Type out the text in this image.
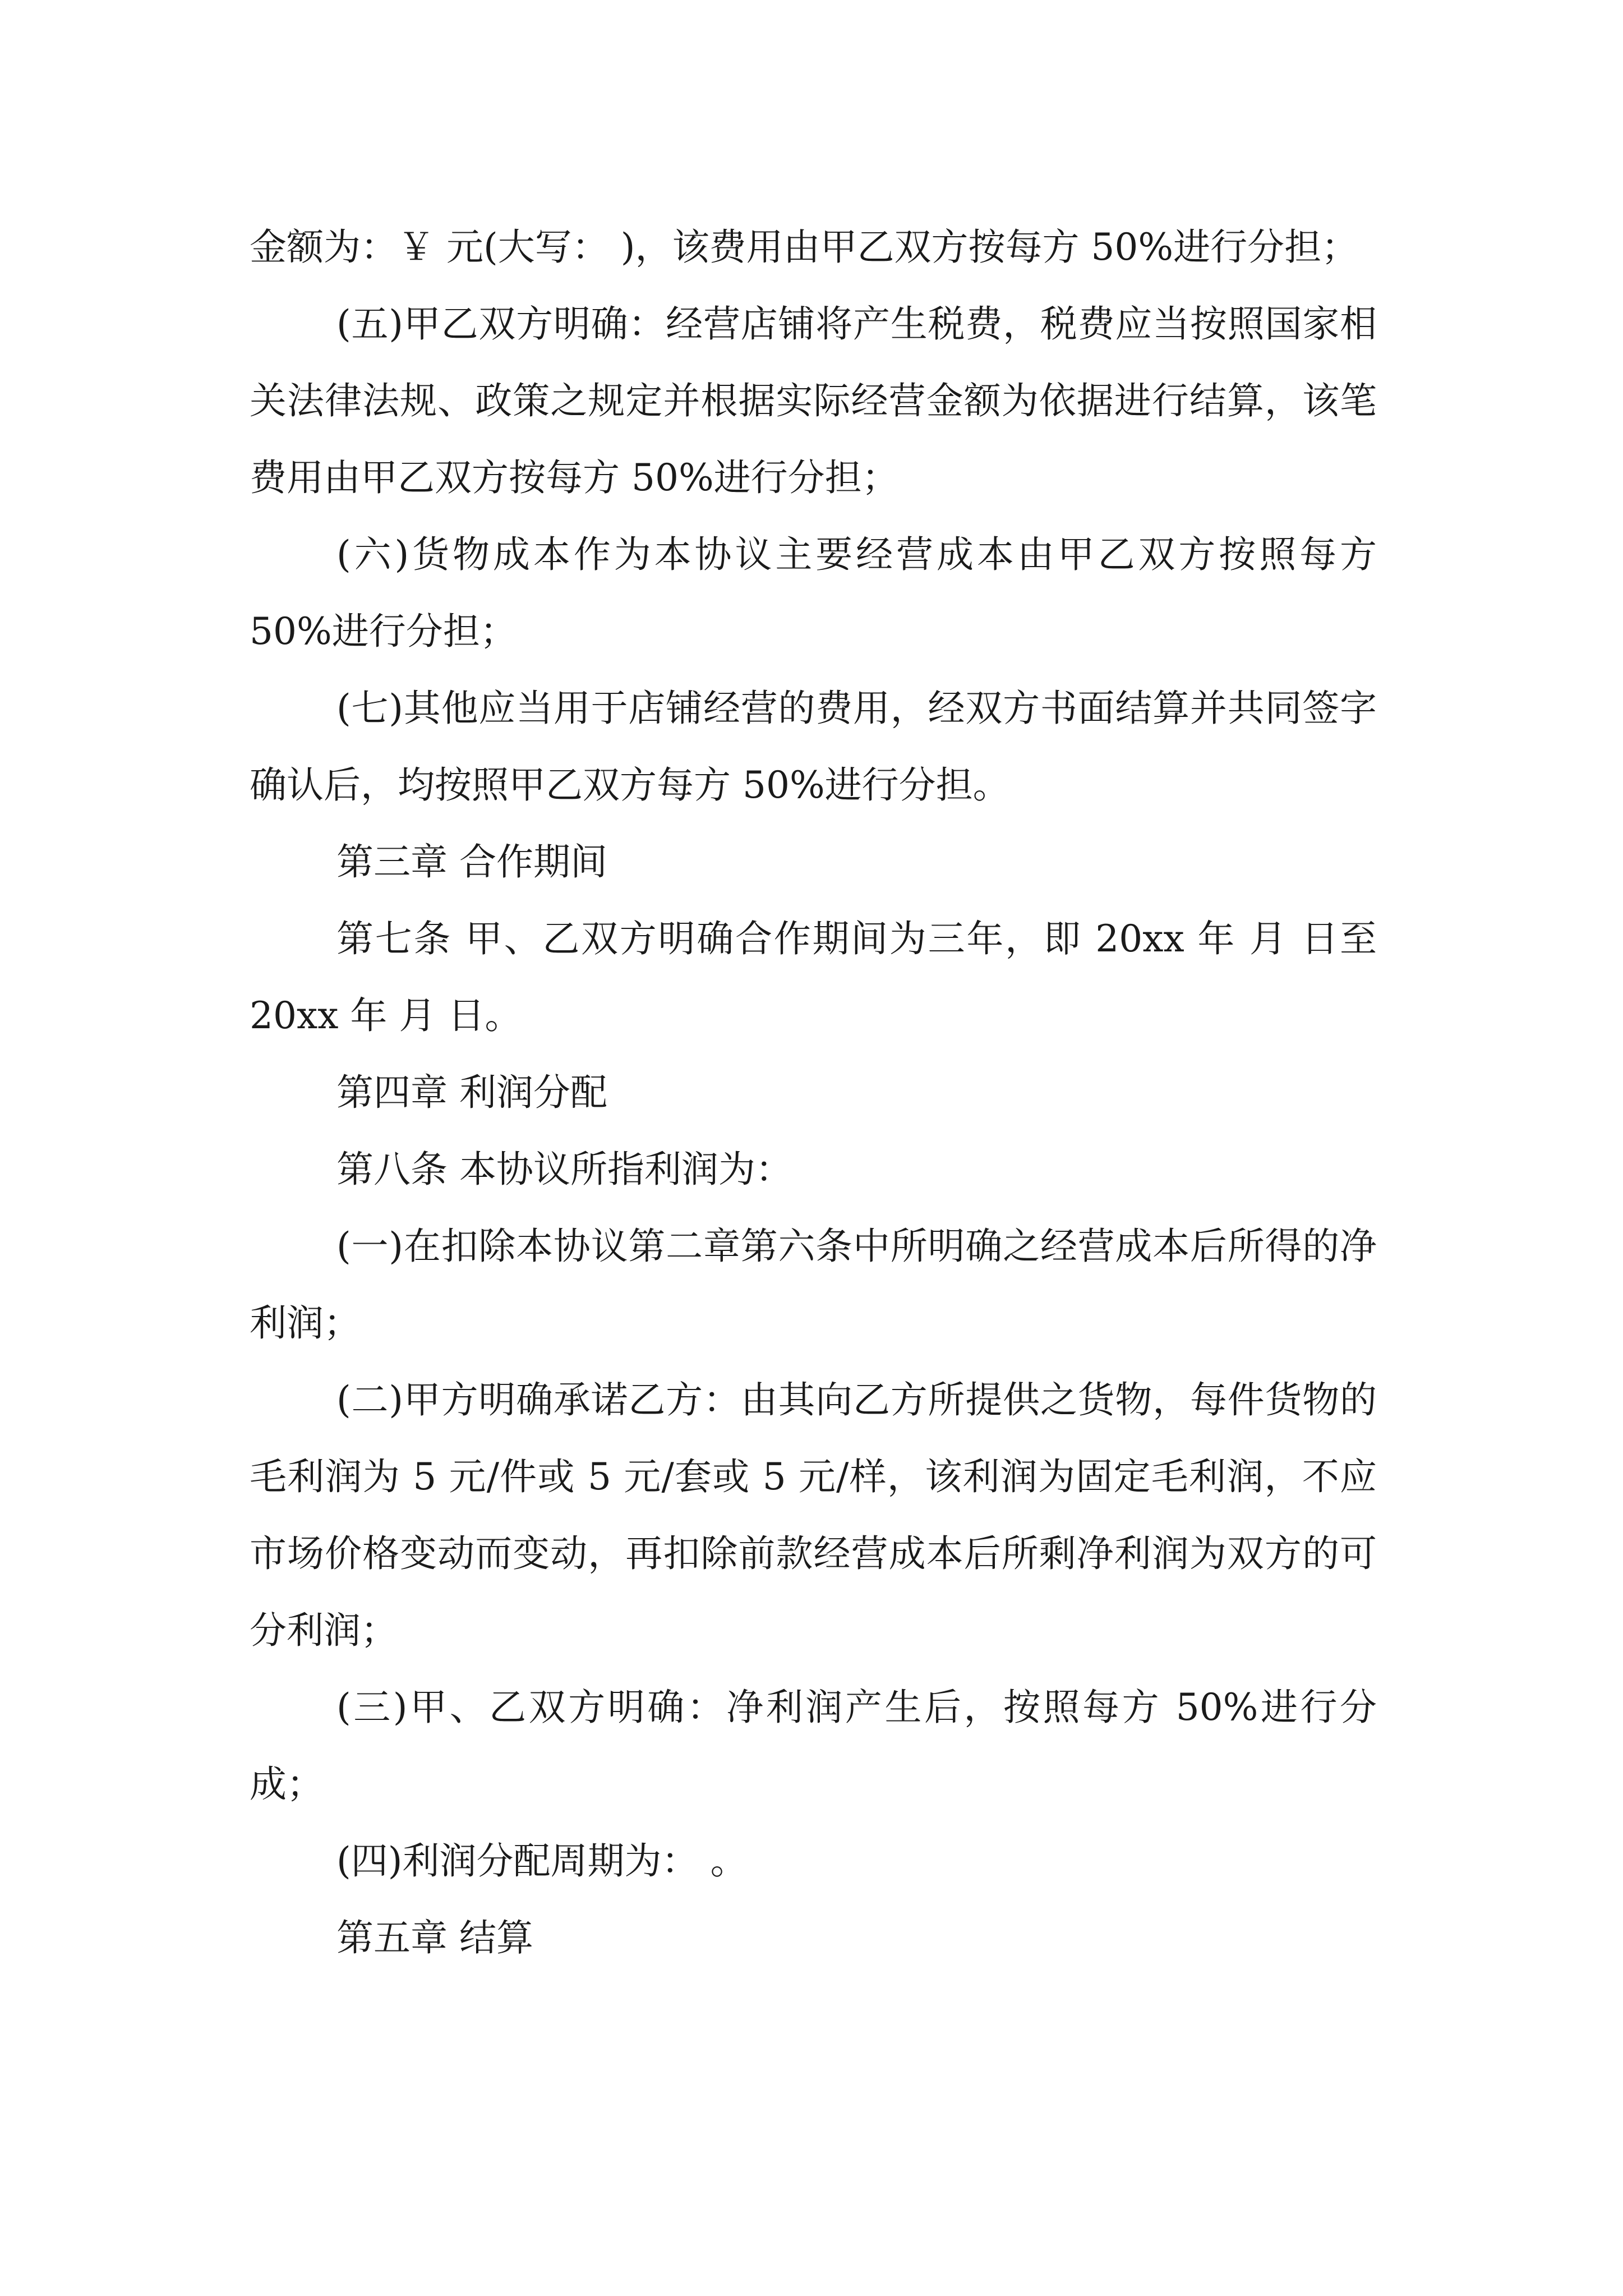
金额为：￥ 元(大写： )，该费用由甲乙双方按每方 50%进行分担；

(五)甲乙双方明确：经营店铺将产生税费，税费应当按照国家相关法律法规、政策之规定并根据实际经营金额为依据进行结算，该笔费用由甲乙双方按每方 50%进行分担；

(六)货物成本作为本协议主要经营成本由甲乙双方按照每方 50%进行分担；

(七)其他应当用于店铺经营的费用，经双方书面结算并共同签字确认后，均按照甲乙双方每方 50%进行分担。

第三章 合作期间

第七条 甲、乙双方明确合作期间为三年，即 20xx 年 月 日至 20xx 年 月 日。

第四章 利润分配

第八条 本协议所指利润为：

(一)在扣除本协议第二章第六条中所明确之经营成本后所得的净利润；

(二)甲方明确承诺乙方：由其向乙方所提供之货物，每件货物的毛利润为 5 元/件或 5 元/套或 5 元/样，该利润为固定毛利润，不应市场价格变动而变动，再扣除前款经营成本后所剩净利润为双方的可分利润；

(三)甲、乙双方明确：净利润产生后，按照每方 50%进行分成；

(四)利润分配周期为： 。

第五章 结算
